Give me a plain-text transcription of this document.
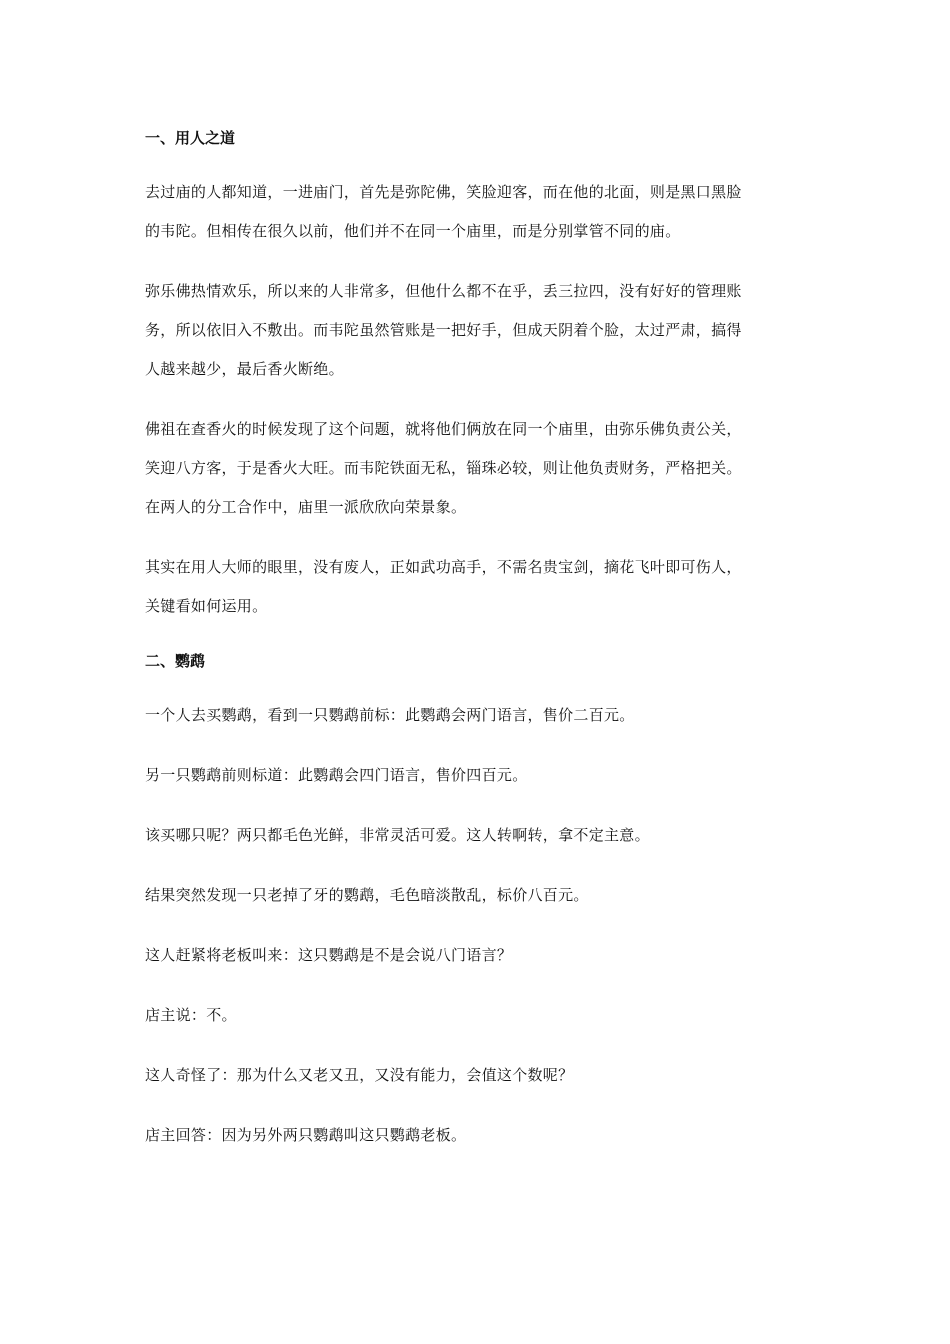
一、用人之道

去过庙的人都知道，一进庙门，首先是弥陀佛，笑脸迎客，而在他的北面，则是黑口黑脸
的韦陀。但相传在很久以前，他们并不在同一个庙里，而是分别掌管不同的庙。

弥乐佛热情欢乐，所以来的人非常多，但他什么都不在乎，丢三拉四，没有好好的管理账
务，所以依旧入不敷出。而韦陀虽然管账是一把好手，但成天阴着个脸，太过严肃，搞得
人越来越少，最后香火断绝。

佛祖在查香火的时候发现了这个问题，就将他们俩放在同一个庙里，由弥乐佛负责公关，
笑迎八方客，于是香火大旺。而韦陀铁面无私，锱珠必较，则让他负责财务，严格把关。
在两人的分工合作中，庙里一派欣欣向荣景象。

其实在用人大师的眼里，没有废人，正如武功高手，不需名贵宝剑，摘花飞叶即可伤人，
关键看如何运用。

二、鹦鹉

一个人去买鹦鹉，看到一只鹦鹉前标：此鹦鹉会两门语言，售价二百元。

另一只鹦鹉前则标道：此鹦鹉会四门语言，售价四百元。

该买哪只呢？两只都毛色光鲜，非常灵活可爱。这人转啊转，拿不定主意。

结果突然发现一只老掉了牙的鹦鹉，毛色暗淡散乱，标价八百元。

这人赶紧将老板叫来：这只鹦鹉是不是会说八门语言？

店主说：不。

这人奇怪了：那为什么又老又丑，又没有能力，会值这个数呢？

店主回答：因为另外两只鹦鹉叫这只鹦鹉老板。
